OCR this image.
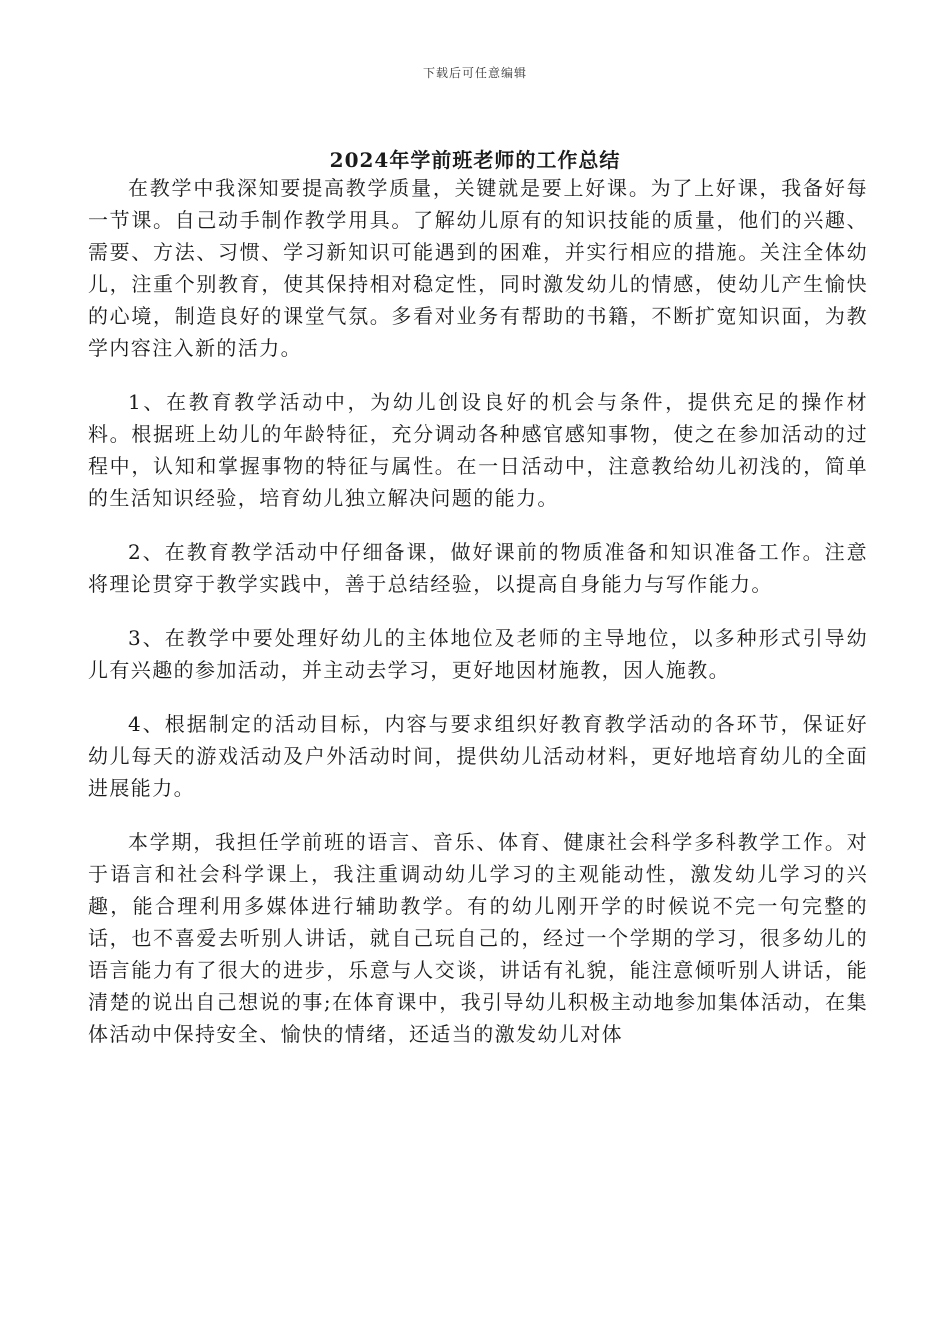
下载后可任意编辑
2024年学前班老师的工作总结

在教学中我深知要提高教学质量，关键就是要上好课。为了上好课，我备好每一节课。自己动手制作教学用具。了解幼儿原有的知识技能的质量，他们的兴趣、需要、方法、习惯、学习新知识可能遇到的困难，并实行相应的措施。关注全体幼儿，注重个别教育，使其保持相对稳定性，同时激发幼儿的情感，使幼儿产生愉快的心境，制造良好的课堂气氛。多看对业务有帮助的书籍，不断扩宽知识面，为教学内容注入新的活力。

1、在教育教学活动中，为幼儿创设良好的机会与条件，提供充足的操作材料。根据班上幼儿的年龄特征，充分调动各种感官感知事物，使之在参加活动的过程中，认知和掌握事物的特征与属性。在一日活动中，注意教给幼儿初浅的，简单的生活知识经验，培育幼儿独立解决问题的能力。

2、在教育教学活动中仔细备课，做好课前的物质准备和知识准备工作。注意将理论贯穿于教学实践中，善于总结经验，以提高自身能力与写作能力。

3、在教学中要处理好幼儿的主体地位及老师的主导地位，以多种形式引导幼儿有兴趣的参加活动，并主动去学习，更好地因材施教，因人施教。

4、根据制定的活动目标，内容与要求组织好教育教学活动的各环节，保证好幼儿每天的游戏活动及户外活动时间，提供幼儿活动材料，更好地培育幼儿的全面进展能力。

本学期，我担任学前班的语言、音乐、体育、健康社会科学多科教学工作。对于语言和社会科学课上，我注重调动幼儿学习的主观能动性，激发幼儿学习的兴趣，能合理利用多媒体进行辅助教学。有的幼儿刚开学的时候说不完一句完整的话，也不喜爱去听别人讲话，就自己玩自己的，经过一个学期的学习，很多幼儿的语言能力有了很大的进步，乐意与人交谈，讲话有礼貌，能注意倾听别人讲话，能清楚的说出自己想说的事;在体育课中，我引导幼儿积极主动地参加集体活动，在集体活动中保持安全、愉快的情绪，还适当的激发幼儿对体
